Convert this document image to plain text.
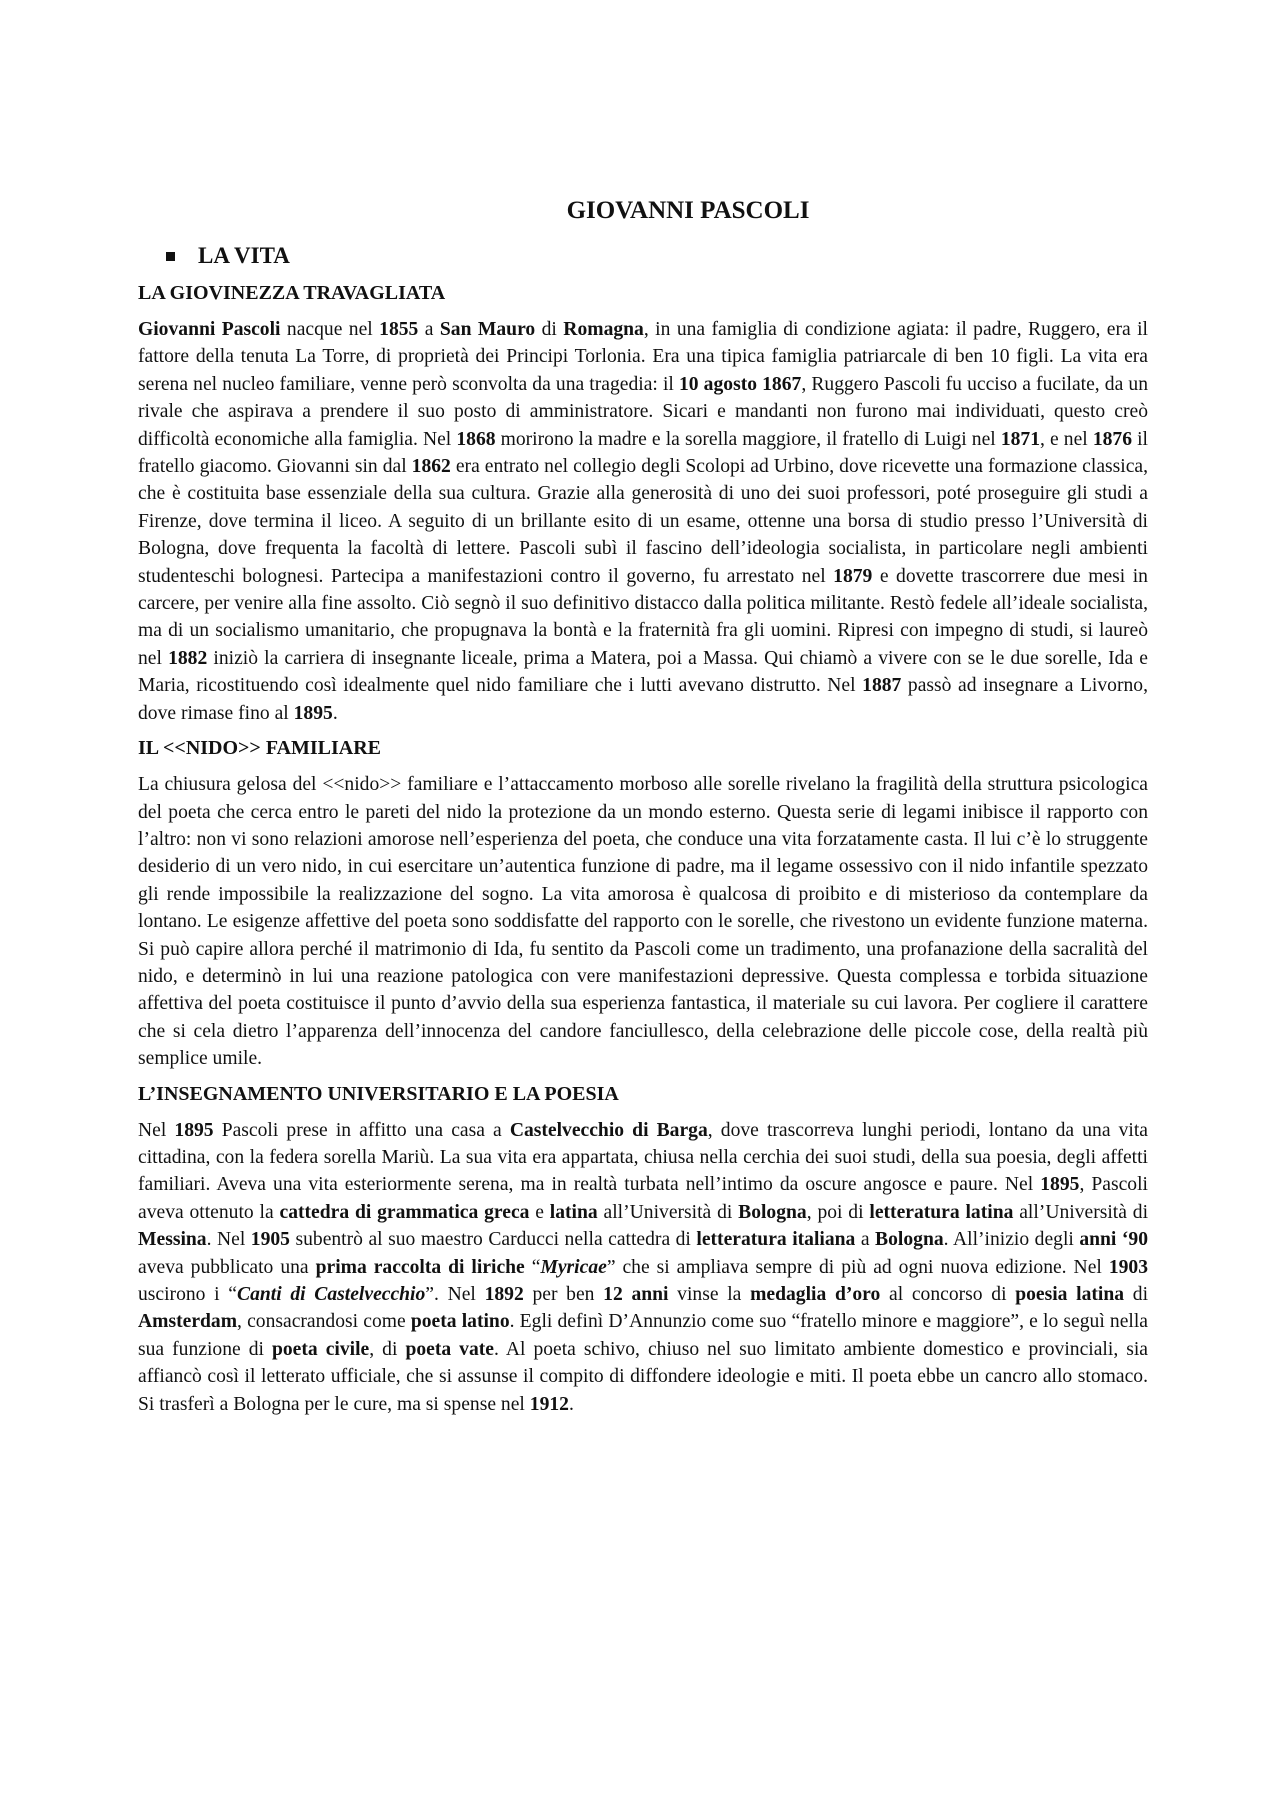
GIOVANNI PASCOLI
LA VITA
LA GIOVINEZZA TRAVAGLIATA

Giovanni Pascoli nacque nel 1855 a San Mauro di Romagna, in una famiglia di condizione agiata: il padre, Ruggero, era il fattore della tenuta La Torre, di proprietà dei Principi Torlonia. Era una tipica famiglia patriarcale di ben 10 figli. La vita era serena nel nucleo familiare, venne però sconvolta da una tragedia: il 10 agosto 1867, Ruggero Pascoli fu ucciso a fucilate, da un rivale che aspirava a prendere il suo posto di amministratore. Sicari e mandanti non furono mai individuati, questo creò difficoltà economiche alla famiglia. Nel 1868 morirono la madre e la sorella maggiore, il fratello di Luigi nel 1871, e nel 1876 il fratello giacomo. Giovanni sin dal 1862 era entrato nel collegio degli Scolopi ad Urbino, dove ricevette una formazione classica, che è costituita base essenziale della sua cultura. Grazie alla generosità di uno dei suoi professori, poté proseguire gli studi a Firenze, dove termina il liceo. A seguito di un brillante esito di un esame, ottenne una borsa di studio presso l’Università di Bologna, dove frequenta la facoltà di lettere. Pascoli subì il fascino dell’ideologia socialista, in particolare negli ambienti studenteschi bolognesi. Partecipa a manifestazioni contro il governo, fu arrestato nel 1879 e dovette trascorrere due mesi in carcere, per venire alla fine assolto. Ciò segnò il suo definitivo distacco dalla politica militante. Restò fedele all’ideale socialista, ma di un socialismo umanitario, che propugnava la bontà e la fraternità fra gli uomini. Ripresi con impegno di studi, si laureò nel 1882 iniziò la carriera di insegnante liceale, prima a Matera, poi a Massa. Qui chiamò a vivere con se le due sorelle, Ida e Maria, ricostituendo così idealmente quel nido familiare che i lutti avevano distrutto. Nel 1887 passò ad insegnare a Livorno, dove rimase fino al 1895.

IL <<NIDO>> FAMILIARE

La chiusura gelosa del <<nido>> familiare e l’attaccamento morboso alle sorelle rivelano la fragilità della struttura psicologica del poeta che cerca entro le pareti del nido la protezione da un mondo esterno. Questa serie di legami inibisce il rapporto con l’altro: non vi sono relazioni amorose nell’esperienza del poeta, che conduce una vita forzatamente casta. Il lui c’è lo struggente desiderio di un vero nido, in cui esercitare un’autentica funzione di padre, ma il legame ossessivo con il nido infantile spezzato gli rende impossibile la realizzazione del sogno. La vita amorosa è qualcosa di proibito e di misterioso da contemplare da lontano. Le esigenze affettive del poeta sono soddisfatte del rapporto con le sorelle, che rivestono un evidente funzione materna. Si può capire allora perché il matrimonio di Ida, fu sentito da Pascoli come un tradimento, una profanazione della sacralità del nido, e determinò in lui una reazione patologica con vere manifestazioni depressive. Questa complessa e torbida situazione affettiva del poeta costituisce il punto d’avvio della sua esperienza fantastica, il materiale su cui lavora. Per cogliere il carattere che si cela dietro l’apparenza dell’innocenza del candore fanciullesco, della celebrazione delle piccole cose, della realtà più semplice umile.

L’INSEGNAMENTO UNIVERSITARIO E LA POESIA

Nel 1895 Pascoli prese in affitto una casa a Castelvecchio di Barga, dove trascorreva lunghi periodi, lontano da una vita cittadina, con la federa sorella Mariù. La sua vita era appartata, chiusa nella cerchia dei suoi studi, della sua poesia, degli affetti familiari. Aveva una vita esteriormente serena, ma in realtà turbata nell’intimo da oscure angosce e paure. Nel 1895, Pascoli aveva ottenuto la cattedra di grammatica greca e latina all’Università di Bologna, poi di letteratura latina all’Università di Messina. Nel 1905 subentrò al suo maestro Carducci nella cattedra di letteratura italiana a Bologna. All’inizio degli anni ‘90 aveva pubblicato una prima raccolta di liriche “Myricae” che si ampliava sempre di più ad ogni nuova edizione. Nel 1903 uscirono i “Canti di Castelvecchio”. Nel 1892 per ben 12 anni vinse la medaglia d’oro al concorso di poesia latina di Amsterdam, consacrandosi come poeta latino. Egli definì D’Annunzio come suo “fratello minore e maggiore”, e lo seguì nella sua funzione di poeta civile, di poeta vate. Al poeta schivo, chiuso nel suo limitato ambiente domestico e provinciali, sia affiancò così il letterato ufficiale, che si assunse il compito di diffondere ideologie e miti. Il poeta ebbe un cancro allo stomaco. Si trasferì a Bologna per le cure, ma si spense nel 1912.
